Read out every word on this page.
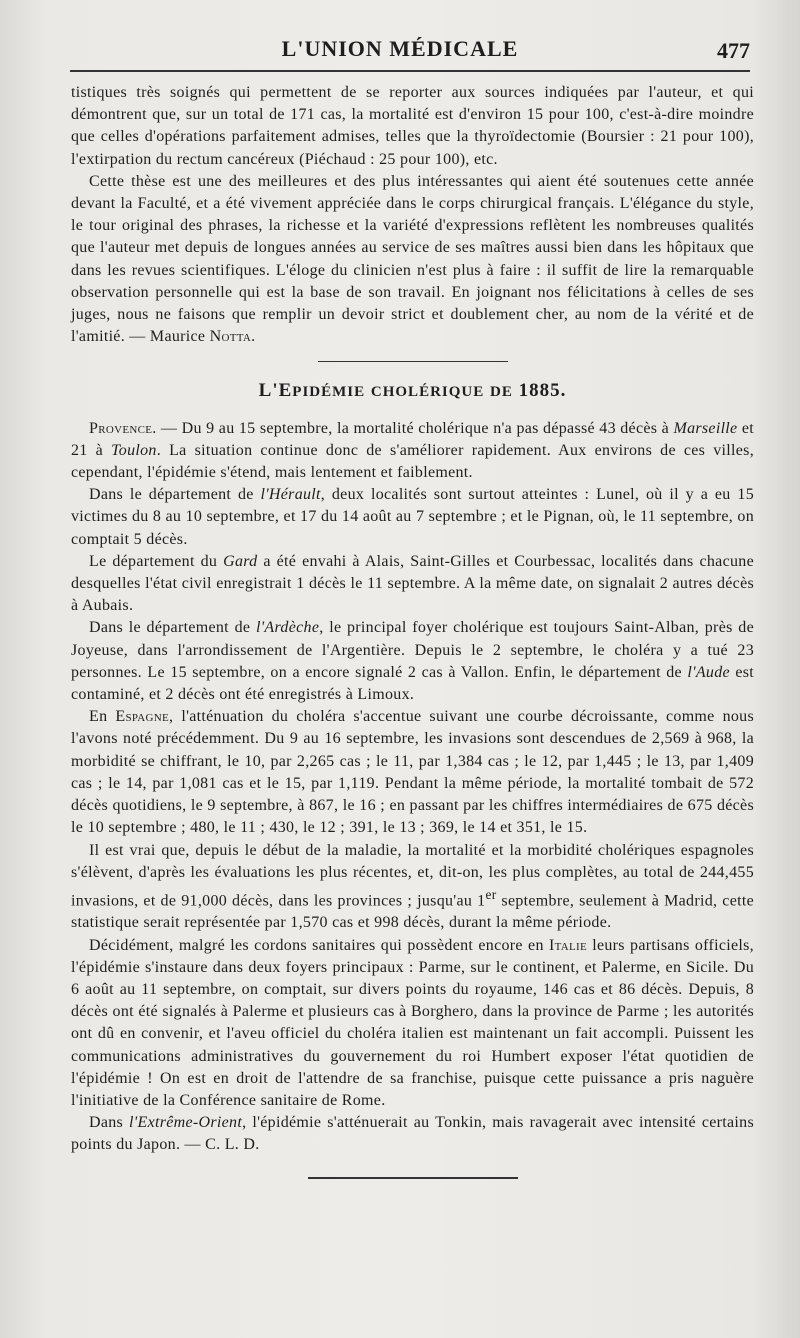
L'UNION MÉDICALE	477

tistiques très soignés qui permettent de se reporter aux sources indiquées par l'auteur, et qui démontrent que, sur un total de 171 cas, la mortalité est d'environ 15 pour 100, c'est-à-dire moindre que celles d'opérations parfaitement admises, telles que la thyroïdectomie (Boursier : 21 pour 100), l'extirpation du rectum cancéreux (Piéchaud : 25 pour 100), etc.

Cette thèse est une des meilleures et des plus intéressantes qui aient été soutenues cette année devant la Faculté, et a été vivement appréciée dans le corps chirurgical français. L'élégance du style, le tour original des phrases, la richesse et la variété d'expressions reflètent les nombreuses qualités que l'auteur met depuis de longues années au service de ses maîtres aussi bien dans les hôpitaux que dans les revues scientifiques. L'éloge du clinicien n'est plus à faire : il suffit de lire la remarquable observation personnelle qui est la base de son travail. En joignant nos félicitations à celles de ses juges, nous ne faisons que remplir un devoir strict et doublement cher, au nom de la vérité et de l'amitié. — Maurice Notta.

L'EPIDÉMIE CHOLÉRIQUE DE 1885.

Provence. — Du 9 au 15 septembre, la mortalité cholérique n'a pas dépassé 43 décès à Marseille et 21 à Toulon. La situation continue donc de s'améliorer rapidement. Aux environs de ces villes, cependant, l'épidémie s'étend, mais lentement et faiblement.

Dans le département de l'Hérault, deux localités sont surtout atteintes : Lunel, où il y a eu 15 victimes du 8 au 10 septembre, et 17 du 14 août au 7 septembre ; et le Pignan, où, le 11 septembre, on comptait 5 décès.

Le département du Gard a été envahi à Alais, Saint-Gilles et Courbessac, localités dans chacune desquelles l'état civil enregistrait 1 décès le 11 septembre. A la même date, on signalait 2 autres décès à Aubais.

Dans le département de l'Ardèche, le principal foyer cholérique est toujours Saint-Alban, près de Joyeuse, dans l'arrondissement de l'Argentière. Depuis le 2 septembre, le choléra y a tué 23 personnes. Le 15 septembre, on a encore signalé 2 cas à Vallon. Enfin, le département de l'Aude est contaminé, et 2 décès ont été enregistrés à Limoux.

En Espagne, l'atténuation du choléra s'accentue suivant une courbe décroissante, comme nous l'avons noté précédemment. Du 9 au 16 septembre, les invasions sont descendues de 2,569 à 968, la morbidité se chiffrant, le 10, par 2,265 cas ; le 11, par 1,384 cas ; le 12, par 1,445 ; le 13, par 1,409 cas ; le 14, par 1,081 cas et le 15, par 1,119. Pendant la même période, la mortalité tombait de 572 décès quotidiens, le 9 septembre, à 867, le 16 ; en passant par les chiffres intermédiaires de 675 décès le 10 septembre ; 480, le 11 ; 430, le 12 ; 391, le 13 ; 369, le 14 et 351, le 15.

Il est vrai que, depuis le début de la maladie, la mortalité et la morbidité cholériques espagnoles s'élèvent, d'après les évaluations les plus récentes, et, dit-on, les plus complètes, au total de 244,455 invasions, et de 91,000 décès, dans les provinces ; jusqu'au 1er septembre, seulement à Madrid, cette statistique serait représentée par 1,570 cas et 998 décès, durant la même période.

Décidément, malgré les cordons sanitaires qui possèdent encore en Italie leurs partisans officiels, l'épidémie s'instaure dans deux foyers principaux : Parme, sur le continent, et Palerme, en Sicile. Du 6 août au 11 septembre, on comptait, sur divers points du royaume, 146 cas et 86 décès. Depuis, 8 décès ont été signalés à Palerme et plusieurs cas à Borghero, dans la province de Parme ; les autorités ont dû en convenir, et l'aveu officiel du choléra italien est maintenant un fait accompli. Puissent les communications administratives du gouvernement du roi Humbert exposer l'état quotidien de l'épidémie ! On est en droit de l'attendre de sa franchise, puisque cette puissance a pris naguère l'initiative de la Conférence sanitaire de Rome.

Dans l'Extrême-Orient, l'épidémie s'atténuerait au Tonkin, mais ravagerait avec intensité certains points du Japon. — C. L. D.
